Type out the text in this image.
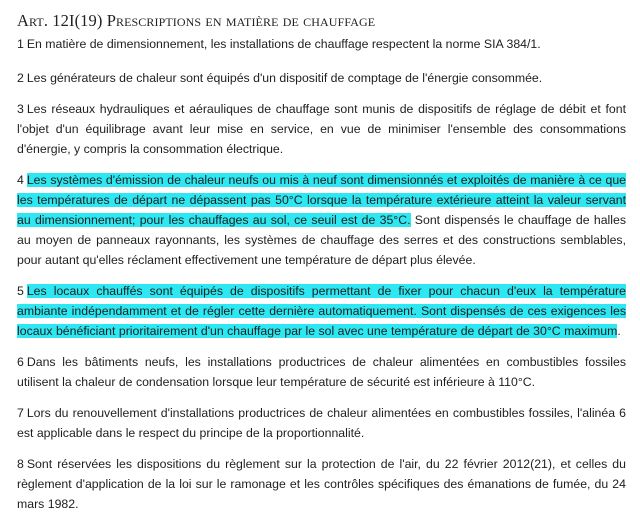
Art. 12I(19) Prescriptions en matière de chauffage

1 En matière de dimensionnement, les installations de chauffage respectent la norme SIA 384/1.

2 Les générateurs de chaleur sont équipés d'un dispositif de comptage de l'énergie consommée.

3 Les réseaux hydrauliques et aérauliques de chauffage sont munis de dispositifs de réglage de débit et font l'objet d'un équilibrage avant leur mise en service, en vue de minimiser l'ensemble des consommations d'énergie, y compris la consommation électrique.

4 Les systèmes d'émission de chaleur neufs ou mis à neuf sont dimensionnés et exploités de manière à ce que les températures de départ ne dépassent pas 50°C lorsque la température extérieure atteint la valeur servant au dimensionnement; pour les chauffages au sol, ce seuil est de 35°C. Sont dispensés le chauffage de halles au moyen de panneaux rayonnants, les systèmes de chauffage des serres et des constructions semblables, pour autant qu'elles réclament effectivement une température de départ plus élevée.

5 Les locaux chauffés sont équipés de dispositifs permettant de fixer pour chacun d'eux la température ambiante indépendamment et de régler cette dernière automatiquement. Sont dispensés de ces exigences les locaux bénéficiant prioritairement d'un chauffage par le sol avec une température de départ de 30°C maximum.

6 Dans les bâtiments neufs, les installations productrices de chaleur alimentées en combustibles fossiles utilisent la chaleur de condensation lorsque leur température de sécurité est inférieure à 110°C.

7 Lors du renouvellement d'installations productrices de chaleur alimentées en combustibles fossiles, l'alinéa 6 est applicable dans le respect du principe de la proportionnalité.

8 Sont réservées les dispositions du règlement sur la protection de l'air, du 22 février 2012(21), et celles du règlement d'application de la loi sur le ramonage et les contrôles spécifiques des émanations de fumée, du 24 mars 1982.
